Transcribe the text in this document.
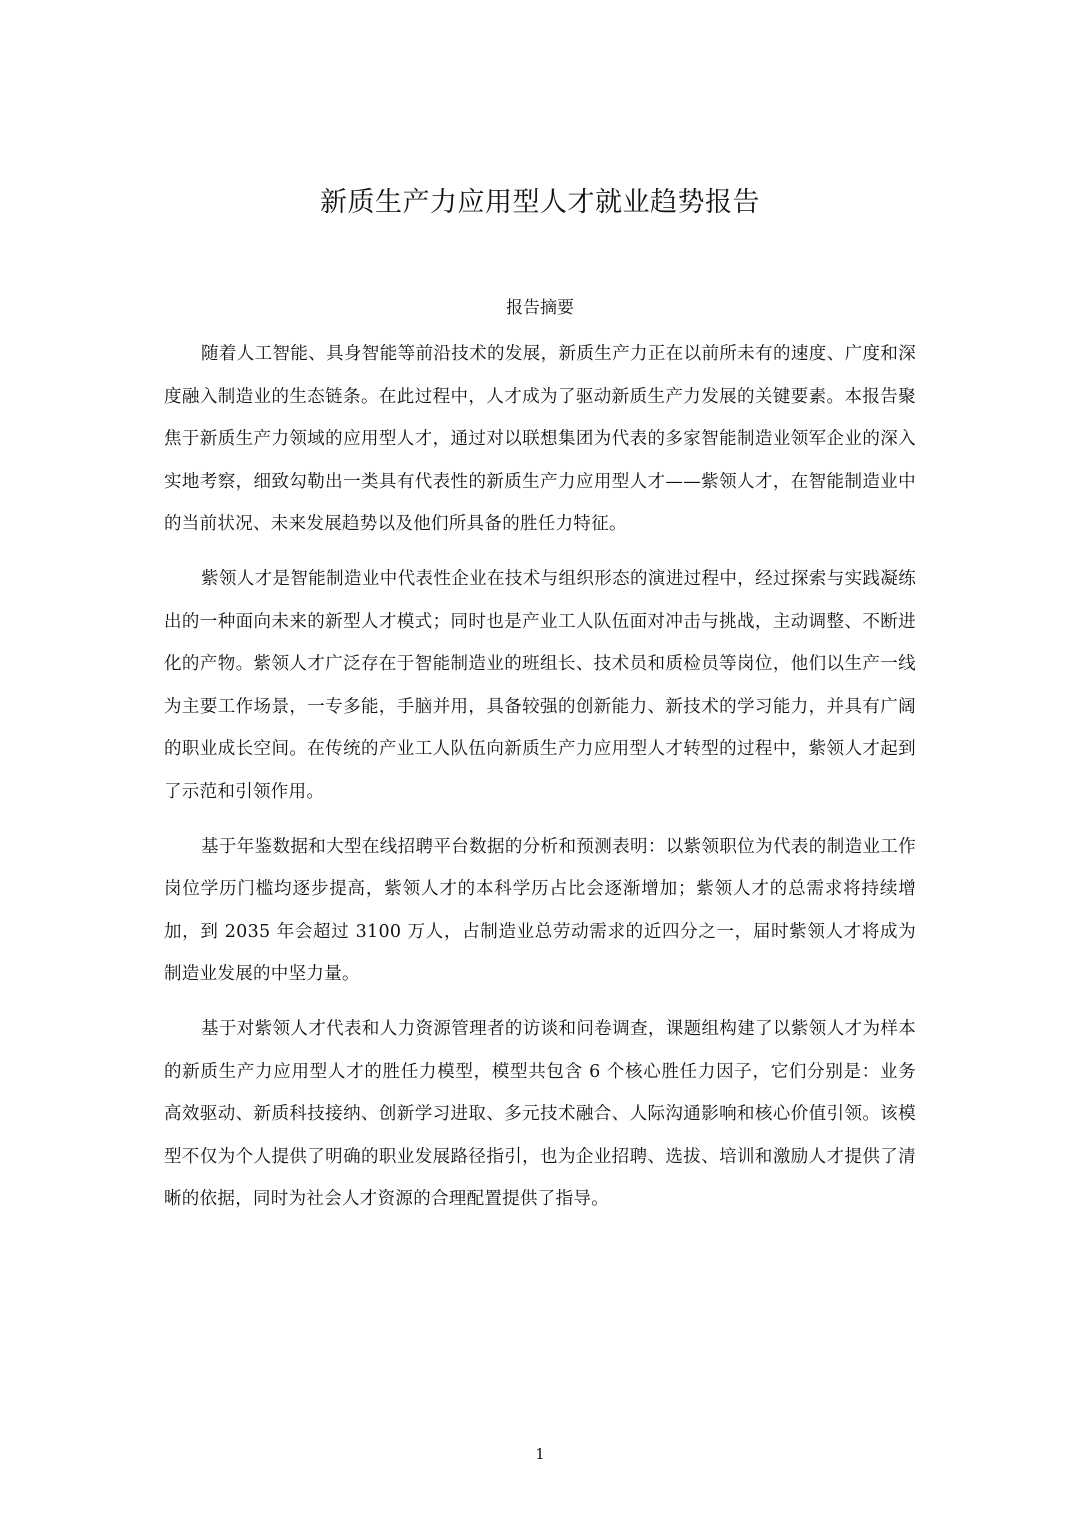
新质生产力应用型人才就业趋势报告
报告摘要

随着人工智能、具身智能等前沿技术的发展，新质生产力正在以前所未有的速度、广度和深度融入制造业的生态链条。在此过程中，人才成为了驱动新质生产力发展的关键要素。本报告聚焦于新质生产力领域的应用型人才，通过对以联想集团为代表的多家智能制造业领军企业的深入实地考察，细致勾勒出一类具有代表性的新质生产力应用型人才——紫领人才，在智能制造业中的当前状况、未来发展趋势以及他们所具备的胜任力特征。

紫领人才是智能制造业中代表性企业在技术与组织形态的演进过程中，经过探索与实践凝练出的一种面向未来的新型人才模式；同时也是产业工人队伍面对冲击与挑战，主动调整、不断进化的产物。紫领人才广泛存在于智能制造业的班组长、技术员和质检员等岗位，他们以生产一线为主要工作场景，一专多能，手脑并用，具备较强的创新能力、新技术的学习能力，并具有广阔的职业成长空间。在传统的产业工人队伍向新质生产力应用型人才转型的过程中，紫领人才起到了示范和引领作用。

基于年鉴数据和大型在线招聘平台数据的分析和预测表明：以紫领职位为代表的制造业工作岗位学历门槛均逐步提高，紫领人才的本科学历占比会逐渐增加；紫领人才的总需求将持续增加，到 2035 年会超过 3100 万人，占制造业总劳动需求的近四分之一，届时紫领人才将成为制造业发展的中坚力量。

基于对紫领人才代表和人力资源管理者的访谈和问卷调查，课题组构建了以紫领人才为样本的新质生产力应用型人才的胜任力模型，模型共包含 6 个核心胜任力因子，它们分别是：业务高效驱动、新质科技接纳、创新学习进取、多元技术融合、人际沟通影响和核心价值引领。该模型不仅为个人提供了明确的职业发展路径指引，也为企业招聘、选拔、培训和激励人才提供了清晰的依据，同时为社会人才资源的合理配置提供了指导。

1
